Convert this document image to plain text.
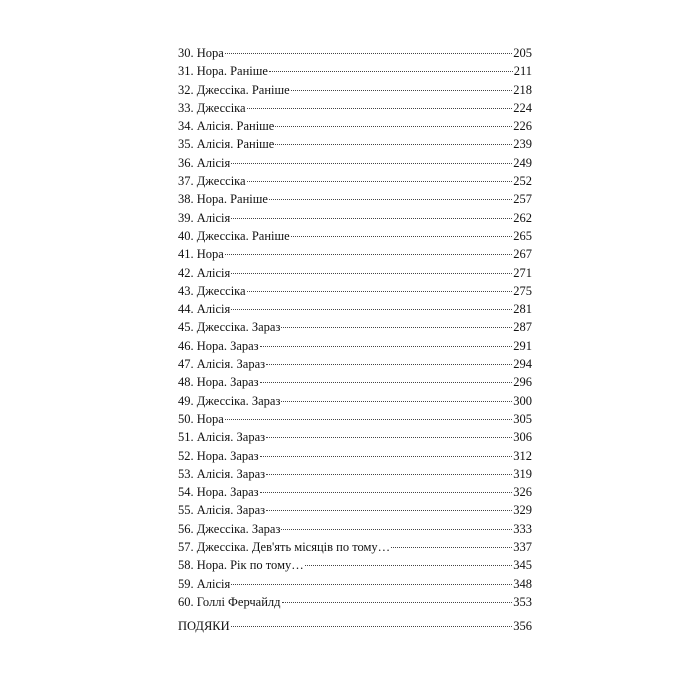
30. Нора	205
31. Нора. Раніше	211
32. Джессіка. Раніше	218
33. Джессіка	224
34. Алісія. Раніше	226
35. Алісія. Раніше	239
36. Алісія	249
37. Джессіка	252
38. Нора. Раніше	257
39. Алісія	262
40. Джессіка. Раніше	265
41. Нора	267
42. Алісія	271
43. Джессіка	275
44. Алісія	281
45. Джессіка. Зараз	287
46. Нора. Зараз	291
47. Алісія. Зараз	294
48. Нора. Зараз	296
49. Джессіка. Зараз	300
50. Нора	305
51. Алісія. Зараз	306
52. Нора. Зараз	312
53. Алісія. Зараз	319
54. Нора. Зараз	326
55. Алісія. Зараз	329
56. Джессіка. Зараз	333
57. Джессіка. Дев'ять місяців по тому…	337
58. Нора. Рік по тому…	345
59. Алісія	348
60. Голлі Ферчайлд	353
ПОДЯКИ	356
